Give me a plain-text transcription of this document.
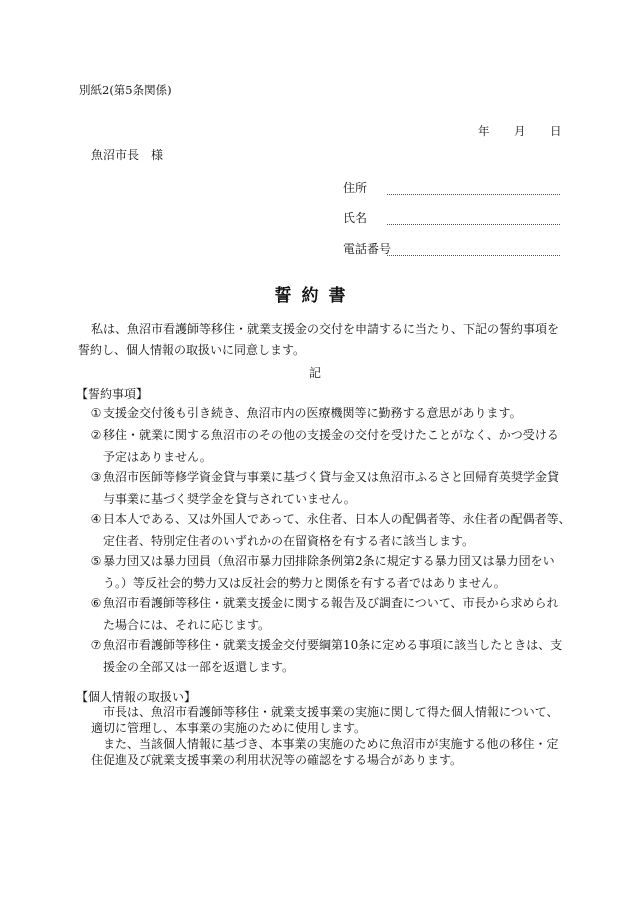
別紙2(第5条関係)
年 月 日
魚沼市長　様
住所
氏名
電話番号
誓約書
私は、魚沼市看護師等移住・就業支援金の交付を申請するに当たり、下記の誓約事項を
誓約し、個人情報の取扱いに同意します。
記
【誓約事項】
① 支援金交付後も引き続き、魚沼市内の医療機関等に勤務する意思があります。
② 移住・就業に関する魚沼市のその他の支援金の交付を受けたことがなく、かつ受ける
予定はありません。
③ 魚沼市医師等修学資金貸与事業に基づく貸与金又は魚沼市ふるさと回帰育英奨学金貸
与事業に基づく奨学金を貸与されていません。
④ 日本人である、又は外国人であって、永住者、日本人の配偶者等、永住者の配偶者等、
定住者、特別定住者のいずれかの在留資格を有する者に該当します。
⑤ 暴力団又は暴力団員（魚沼市暴力団排除条例第2条に規定する暴力団又は暴力団をい
う。）等反社会的勢力又は反社会的勢力と関係を有する者ではありません。
⑥ 魚沼市看護師等移住・就業支援金に関する報告及び調査について、市長から求められ
た場合には、それに応じます。
⑦ 魚沼市看護師等移住・就業支援金交付要綱第10条に定める事項に該当したときは、支
援金の全部又は一部を返還します。
【個人情報の取扱い】
市長は、魚沼市看護師等移住・就業支援事業の実施に関して得た個人情報について、
適切に管理し、本事業の実施のために使用します。
また、当該個人情報に基づき、本事業の実施のために魚沼市が実施する他の移住・定
住促進及び就業支援事業の利用状況等の確認をする場合があります。
